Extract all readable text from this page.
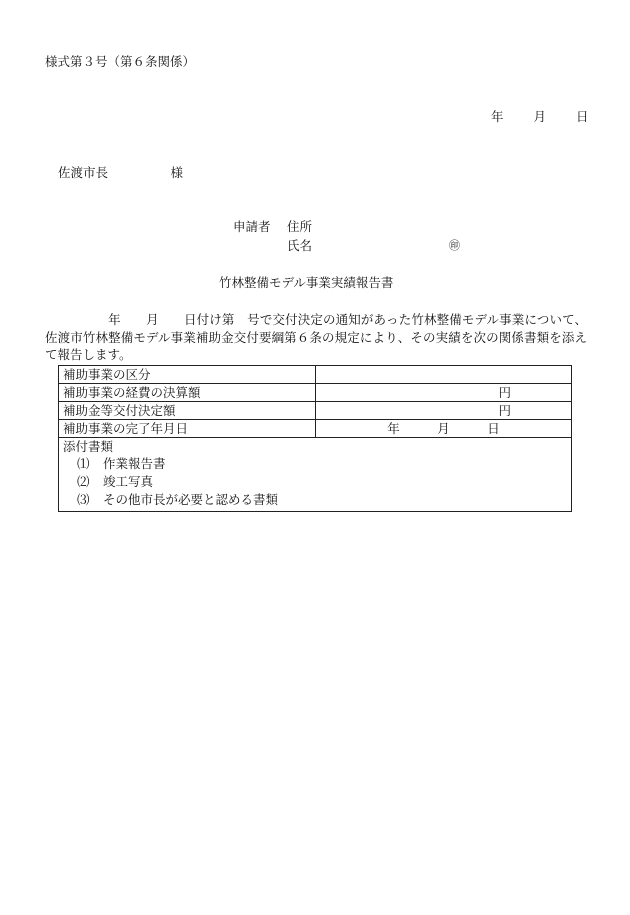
様式第３号（第６条関係）
年 月 日
佐渡市長　　　　　様
申請者 住所
氏名	㊞
竹林整備モデル事業実績報告書
　　　　　年　　月　　日付け第　号で交付決定の通知があった竹林整備モデル事業について、佐渡市竹林整備モデル事業補助金交付要綱第６条の規定により、その実績を次の関係書類を添えて報告します。
補助事業の区分	
補助事業の経費の決算額	円
補助金等交付決定額	円
補助事業の完了年月日	年　　　月　　　日

添付書類
⑴ 作業報告書
⑵ 竣工写真
⑶ その他市長が必要と認める書類	
